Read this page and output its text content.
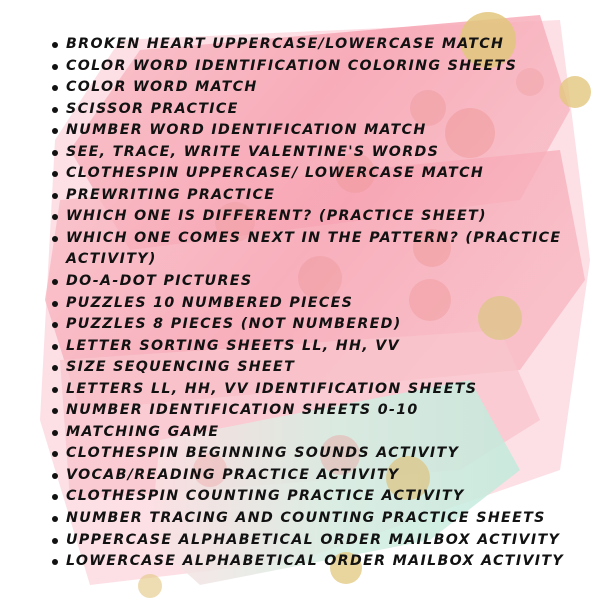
BROKEN HEART UPPERCASE/LOWERCASE MATCH
COLOR WORD IDENTIFICATION COLORING SHEETS
COLOR WORD MATCH
SCISSOR PRACTICE
NUMBER WORD IDENTIFICATION MATCH
SEE, TRACE, WRITE VALENTINE'S WORDS
CLOTHESPIN UPPERCASE/ LOWERCASE MATCH
PREWRITING PRACTICE
WHICH ONE IS DIFFERENT? (PRACTICE SHEET)
WHICH ONE COMES NEXT IN THE PATTERN? (PRACTICE ACTIVITY)
DO-A-DOT PICTURES
PUZZLES 10 NUMBERED PIECES
PUZZLES 8 PIECES (NOT NUMBERED)
LETTER SORTING SHEETS LL, HH, VV
SIZE SEQUENCING SHEET
LETTERS LL, HH, VV IDENTIFICATION SHEETS
NUMBER IDENTIFICATION SHEETS 0-10
MATCHING GAME
CLOTHESPIN BEGINNING SOUNDS ACTIVITY
VOCAB/READING PRACTICE ACTIVITY
CLOTHESPIN COUNTING PRACTICE ACTIVITY
NUMBER TRACING AND COUNTING PRACTICE SHEETS
UPPERCASE ALPHABETICAL ORDER MAILBOX ACTIVITY
LOWERCASE ALPHABETICAL ORDER MAILBOX ACTIVITY
